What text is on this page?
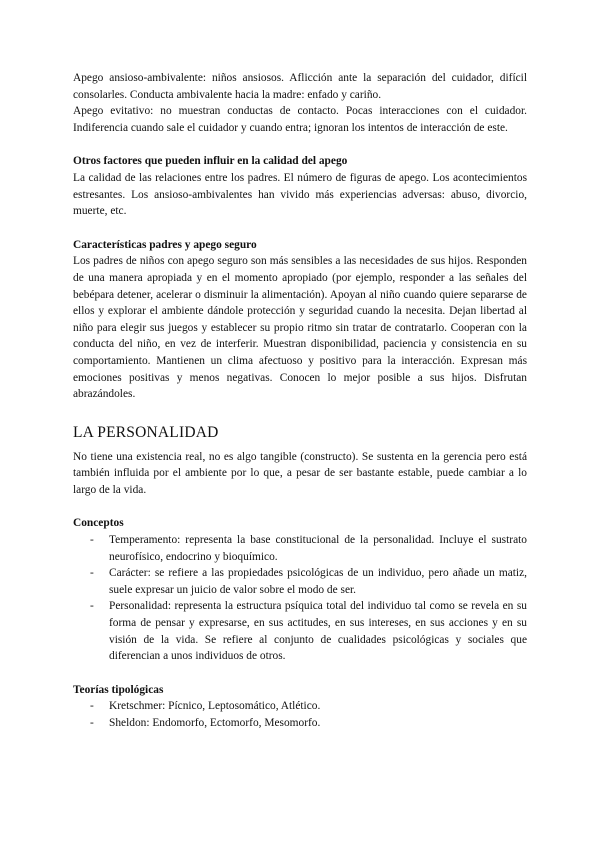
Apego ansioso-ambivalente: niños ansiosos. Aflicción ante la separación del cuidador, difícil consolarles. Conducta ambivalente hacia la madre: enfado y cariño.

Apego evitativo: no muestran conductas de contacto. Pocas interacciones con el cuidador. Indiferencia cuando sale el cuidador y cuando entra; ignoran los intentos de interacción de este.

Otros factores que pueden influir en la calidad del apego

La calidad de las relaciones entre los padres. El número de figuras de apego. Los acontecimientos estresantes. Los ansioso-ambivalentes han vivido más experiencias adversas: abuso, divorcio, muerte, etc.

Características padres y apego seguro

Los padres de niños con apego seguro son más sensibles a las necesidades de sus hijos. Responden de una manera apropiada y en el momento apropiado (por ejemplo, responder a las señales del bebépara detener, acelerar o disminuir la alimentación). Apoyan al niño cuando quiere separarse de ellos y explorar el ambiente dándole protección y seguridad cuando la necesita. Dejan libertad al niño para elegir sus juegos y establecer su propio ritmo sin tratar de contratarlo. Cooperan con la conducta del niño, en vez de interferir. Muestran disponibilidad, paciencia y consistencia en su comportamiento. Mantienen un clima afectuoso y positivo para la interacción. Expresan más emociones positivas y menos negativas. Conocen lo mejor posible a sus hijos. Disfrutan abrazándoles.

LA PERSONALIDAD

No tiene una existencia real, no es algo tangible (constructo). Se sustenta en la gerencia pero está también influida por el ambiente por lo que, a pesar de ser bastante estable, puede cambiar a lo largo de la vida.

Conceptos
- Temperamento: representa la base constitucional de la personalidad. Incluye el sustrato neurofísico, endocrino y bioquímico.
- Carácter: se refiere a las propiedades psicológicas de un individuo, pero añade un matiz, suele expresar un juicio de valor sobre el modo de ser.
- Personalidad: representa la estructura psíquica total del individuo tal como se revela en su forma de pensar y expresarse, en sus actitudes, en sus intereses, en sus acciones y en su visión de la vida. Se refiere al conjunto de cualidades psicológicas y sociales que diferencian a unos individuos de otros.
Teorías tipológicas
- Kretschmer: Pícnico, Leptosomático, Atlético.
- Sheldon: Endomorfo, Ectomorfo, Mesomorfo.
